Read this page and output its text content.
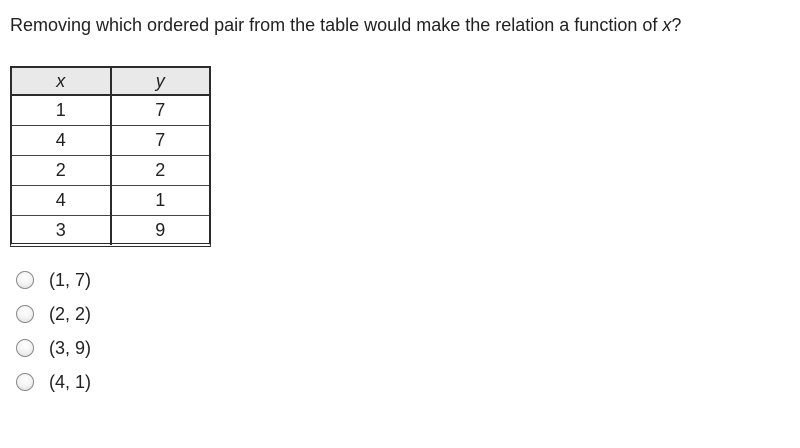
Removing which ordered pair from the table would make the relation a function of x?
x	y
1	7
4	7
2	2
4	1
3	9
(1, 7)
(2, 2)
(3, 9)
(4, 1)
